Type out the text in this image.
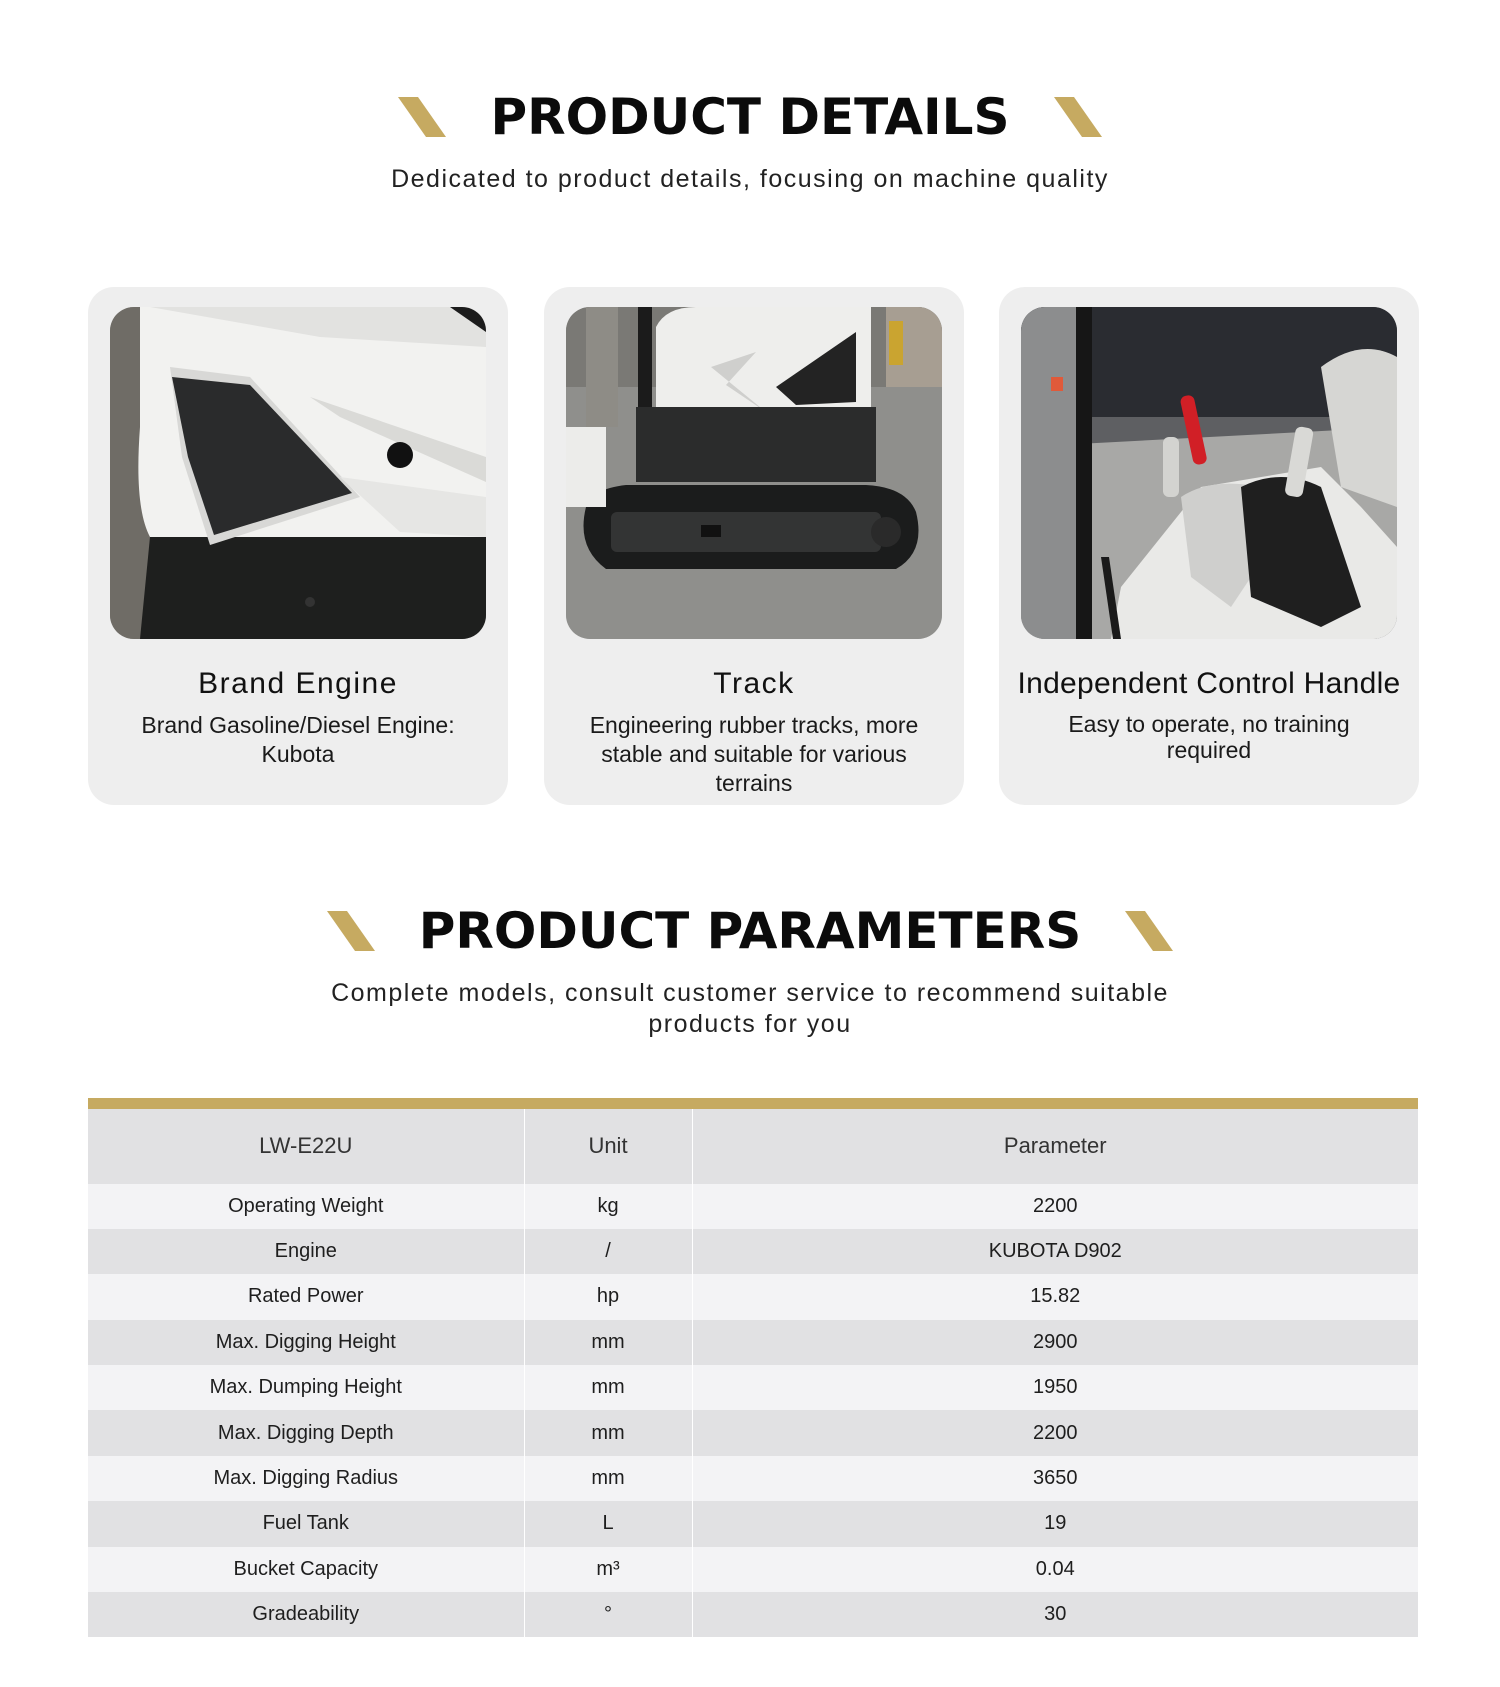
PRODUCT DETAILS

Dedicated to product details, focusing on machine quality

Brand Engine
Brand Gasoline/Diesel Engine: Kubota
Track
Engineering rubber tracks, more stable and suitable for various terrains
Independent Control Handle
Easy to operate, no training required
PRODUCT PARAMETERS

Complete models, consult customer service to recommend suitable products for you

LW-E22U	Unit	Parameter
Operating Weight	kg	2200
Engine	/	KUBOTA D902
Rated Power	hp	15.82
Max. Digging Height	mm	2900
Max. Dumping Height	mm	1950
Max. Digging Depth	mm	2200
Max. Digging Radius	mm	3650
Fuel Tank	L	19
Bucket Capacity	m³	0.04
Gradeability	°	30
